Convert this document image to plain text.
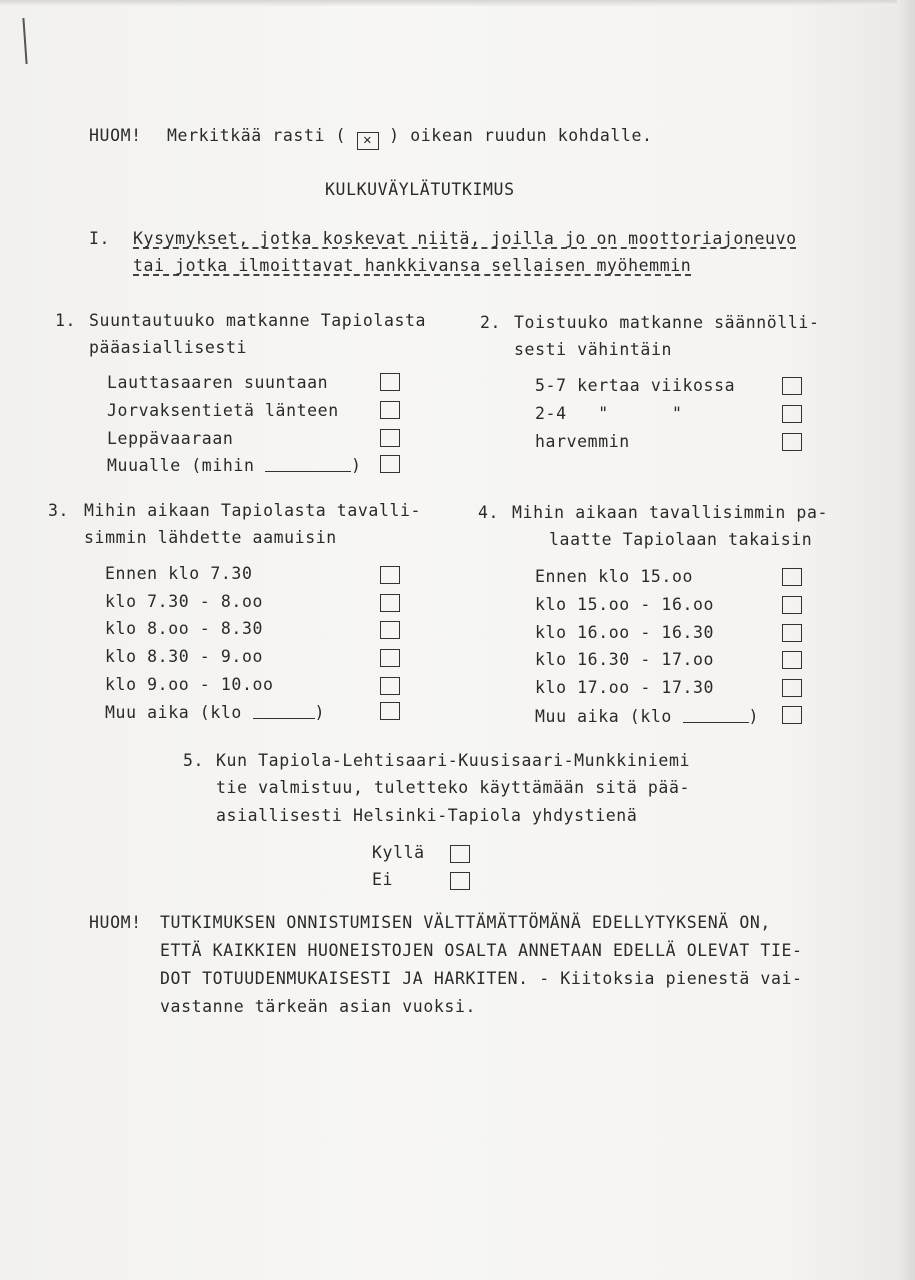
HUOM! Merkitkää rasti ( ✕ ) oikean ruudun kohdalle.
KULKUVÄYLÄTUTKIMUS
I. Kysymykset, jotka koskevat niitä, joilla jo on moottoriajoneuvo
tai jotka ilmoittavat hankkivansa sellaisen myöhemmin
1. Suuntautuuko matkanne Tapiolasta
pääasiallisesti
Lauttasaaren suuntaan
Jorvaksentietä länteen
Leppävaaraan
Muualle (mihin	)
2. Toistuuko matkanne säännölli-
sesti vähintäin
5-7 kertaa viikossa
2-4   "      "
harvemmin
3. Mihin aikaan Tapiolasta tavalli-
simmin lähdette aamuisin
Ennen klo 7.30
klo 7.30 - 8.oo
klo 8.oo - 8.30
klo 8.30 - 9.oo
klo 9.oo - 10.oo
Muu aika (klo	)
4. Mihin aikaan tavallisimmin pa-
laatte Tapiolaan takaisin
Ennen klo 15.oo
klo 15.oo - 16.oo
klo 16.oo - 16.30
klo 16.30 - 17.oo
klo 17.oo - 17.30
Muu aika (klo	)
5. Kun Tapiola-Lehtisaari-Kuusisaari-Munkkiniemi
tie valmistuu, tuletteko käyttämään sitä pää-
asiallisesti Helsinki-Tapiola yhdystienä
Kyllä
Ei
HUOM! TUTKIMUKSEN ONNISTUMISEN VÄLTTÄMÄTTÖMÄNÄ EDELLYTYKSENÄ ON,
ETTÄ KAIKKIEN HUONEISTOJEN OSALTA ANNETAAN EDELLÄ OLEVAT TIE-
DOT TOTUUDENMUKAISESTI JA HARKITEN. - Kiitoksia pienestä vai-
vastanne tärkeän asian vuoksi.
